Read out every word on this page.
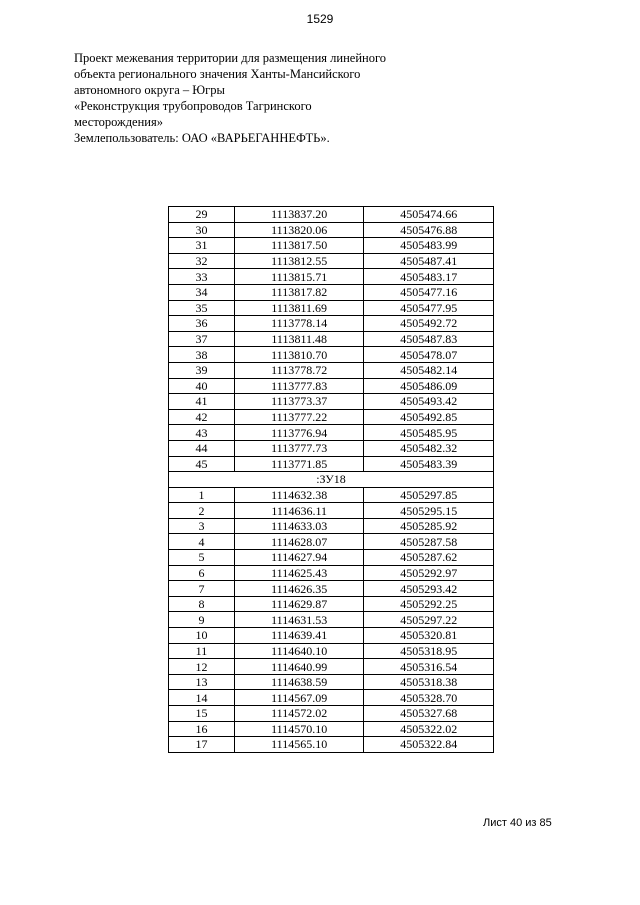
1529
Проект межевания территории для размещения линейного
объекта регионального значения Ханты-Мансийского
автономного округа – Югры
«Реконструкция трубопроводов Тагринского
месторождения»
Землепользователь: ОАО «ВАРЬЕГАННЕФТЬ».
29	1113837.20	4505474.66
30	1113820.06	4505476.88
31	1113817.50	4505483.99
32	1113812.55	4505487.41
33	1113815.71	4505483.17
34	1113817.82	4505477.16
35	1113811.69	4505477.95
36	1113778.14	4505492.72
37	1113811.48	4505487.83
38	1113810.70	4505478.07
39	1113778.72	4505482.14
40	1113777.83	4505486.09
41	1113773.37	4505493.42
42	1113777.22	4505492.85
43	1113776.94	4505485.95
44	1113777.73	4505482.32
45	1113771.85	4505483.39
:ЗУ18		
1	1114632.38	4505297.85
2	1114636.11	4505295.15
3	1114633.03	4505285.92
4	1114628.07	4505287.58
5	1114627.94	4505287.62
6	1114625.43	4505292.97
7	1114626.35	4505293.42
8	1114629.87	4505292.25
9	1114631.53	4505297.22
10	1114639.41	4505320.81
11	1114640.10	4505318.95
12	1114640.99	4505316.54
13	1114638.59	4505318.38
14	1114567.09	4505328.70
15	1114572.02	4505327.68
16	1114570.10	4505322.02
17	1114565.10	4505322.84
Лист 40 из 85
